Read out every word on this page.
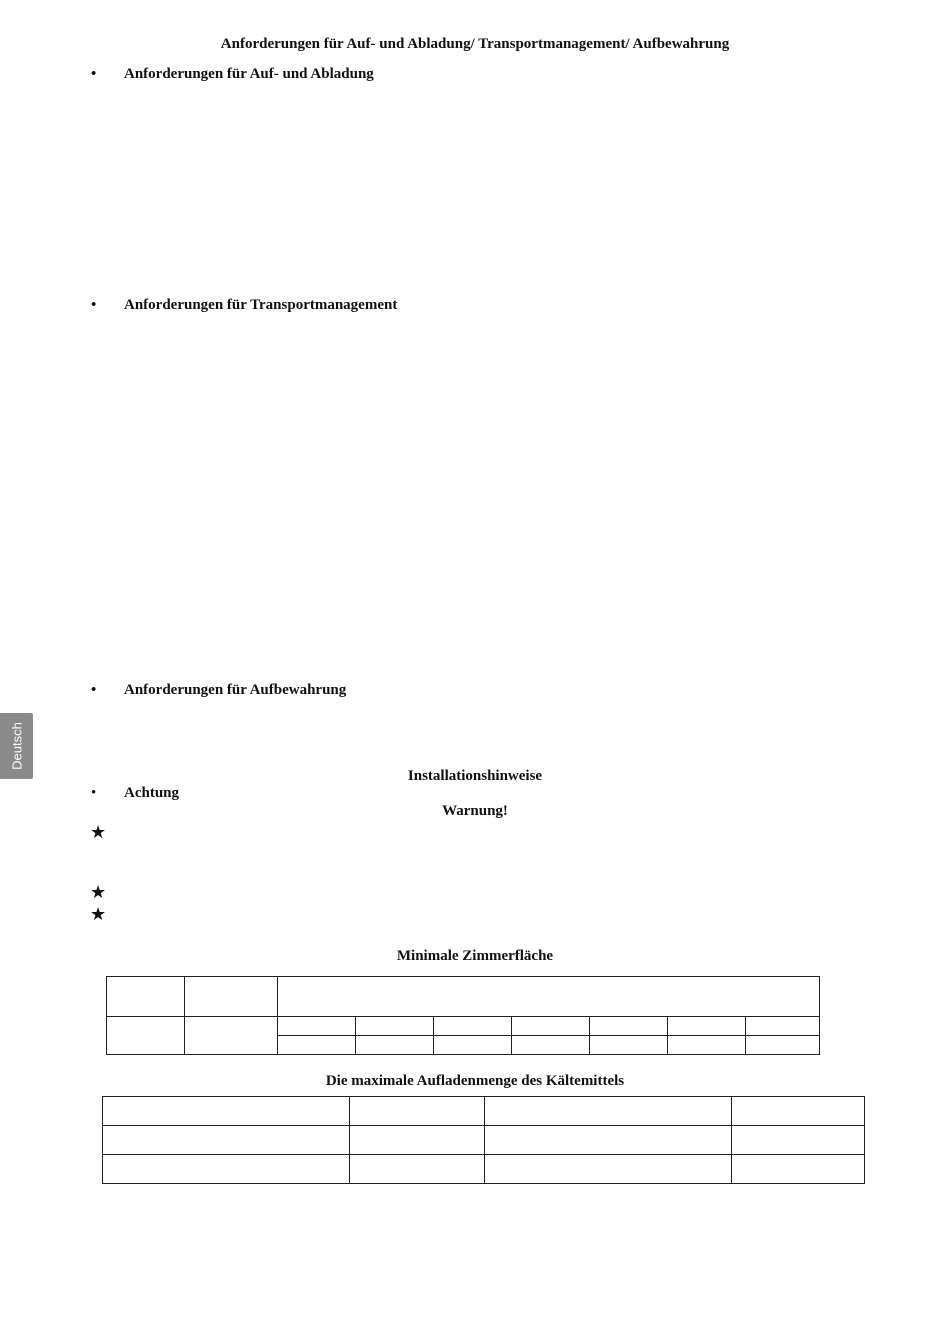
Anforderungen für Auf- und Abladung/ Transportmanagement/ Aufbewahrung
• Anforderungen für Auf- und Abladung
• Anforderungen für Transportmanagement
• Anforderungen für Aufbewahrung
Deutsch
Installationshinweise
• Achtung
Warnung!
★
★
★
Minimale Zimmerfläche

Die maximale Aufladenmenge des Kältemittels
